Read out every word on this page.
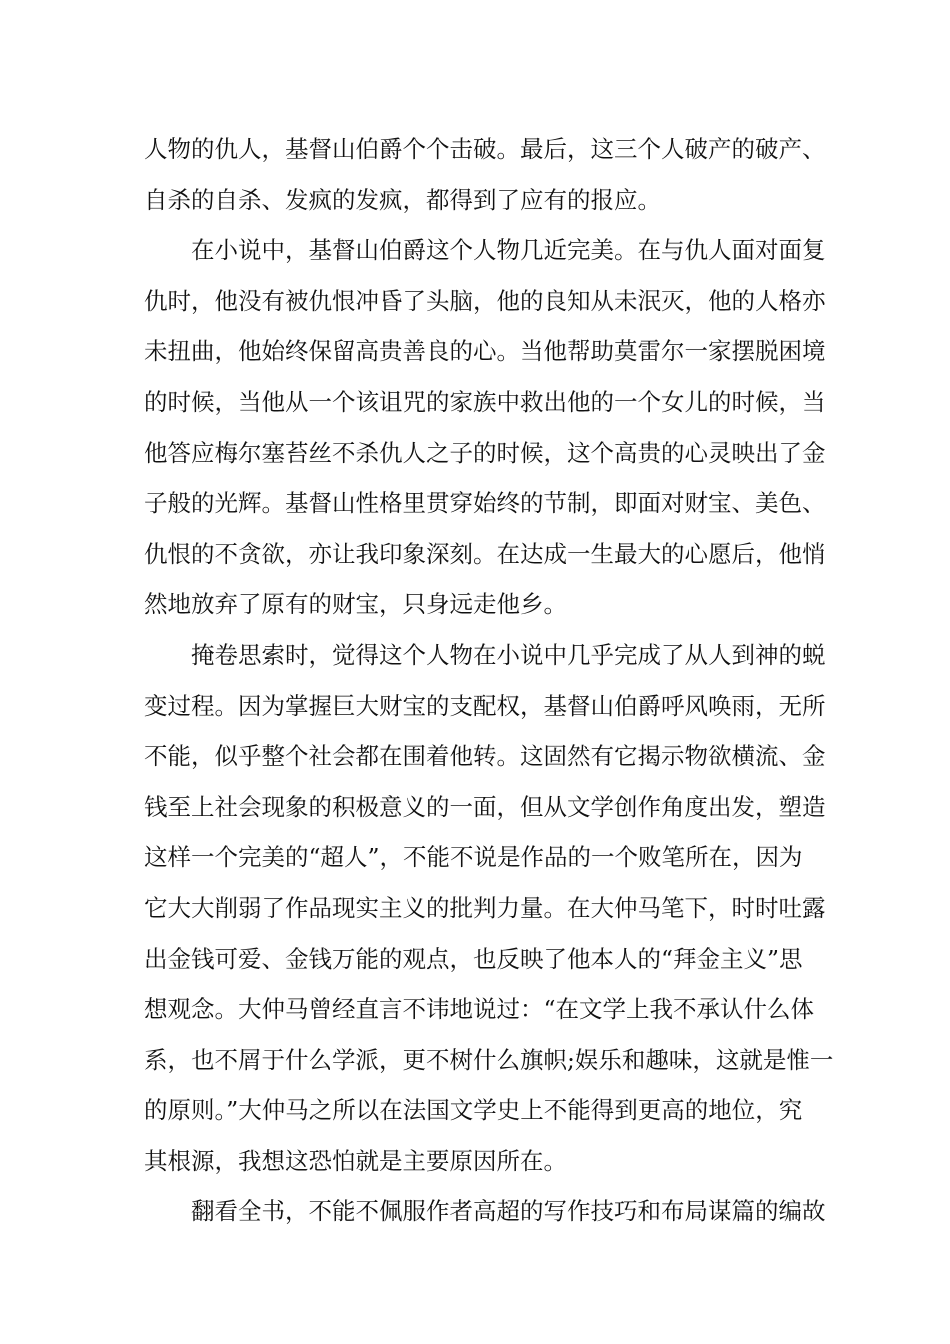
人物的仇人，基督山伯爵个个击破。最后，这三个人破产的破产、
自杀的自杀、发疯的发疯，都得到了应有的报应。
在小说中，基督山伯爵这个人物几近完美。在与仇人面对面复
仇时，他没有被仇恨冲昏了头脑，他的良知从未泯灭，他的人格亦
未扭曲，他始终保留高贵善良的心。当他帮助莫雷尔一家摆脱困境
的时候，当他从一个该诅咒的家族中救出他的一个女儿的时候，当
他答应梅尔塞苔丝不杀仇人之子的时候，这个高贵的心灵映出了金
子般的光辉。基督山性格里贯穿始终的节制，即面对财宝、美色、
仇恨的不贪欲，亦让我印象深刻。在达成一生最大的心愿后，他悄
然地放弃了原有的财宝，只身远走他乡。
掩卷思索时，觉得这个人物在小说中几乎完成了从人到神的蜕
变过程。因为掌握巨大财宝的支配权，基督山伯爵呼风唤雨，无所
不能，似乎整个社会都在围着他转。这固然有它揭示物欲横流、金
钱至上社会现象的积极意义的一面，但从文学创作角度出发，塑造
这样一个完美的“超人”，不能不说是作品的一个败笔所在，因为
它大大削弱了作品现实主义的批判力量。在大仲马笔下，时时吐露
出金钱可爱、金钱万能的观点，也反映了他本人的“拜金主义”思
想观念。大仲马曾经直言不讳地说过：“在文学上我不承认什么体
系，也不屑于什么学派，更不树什么旗帜;娱乐和趣味，这就是惟一
的原则。”大仲马之所以在法国文学史上不能得到更高的地位，究
其根源，我想这恐怕就是主要原因所在。
翻看全书，不能不佩服作者高超的写作技巧和布局谋篇的编故
